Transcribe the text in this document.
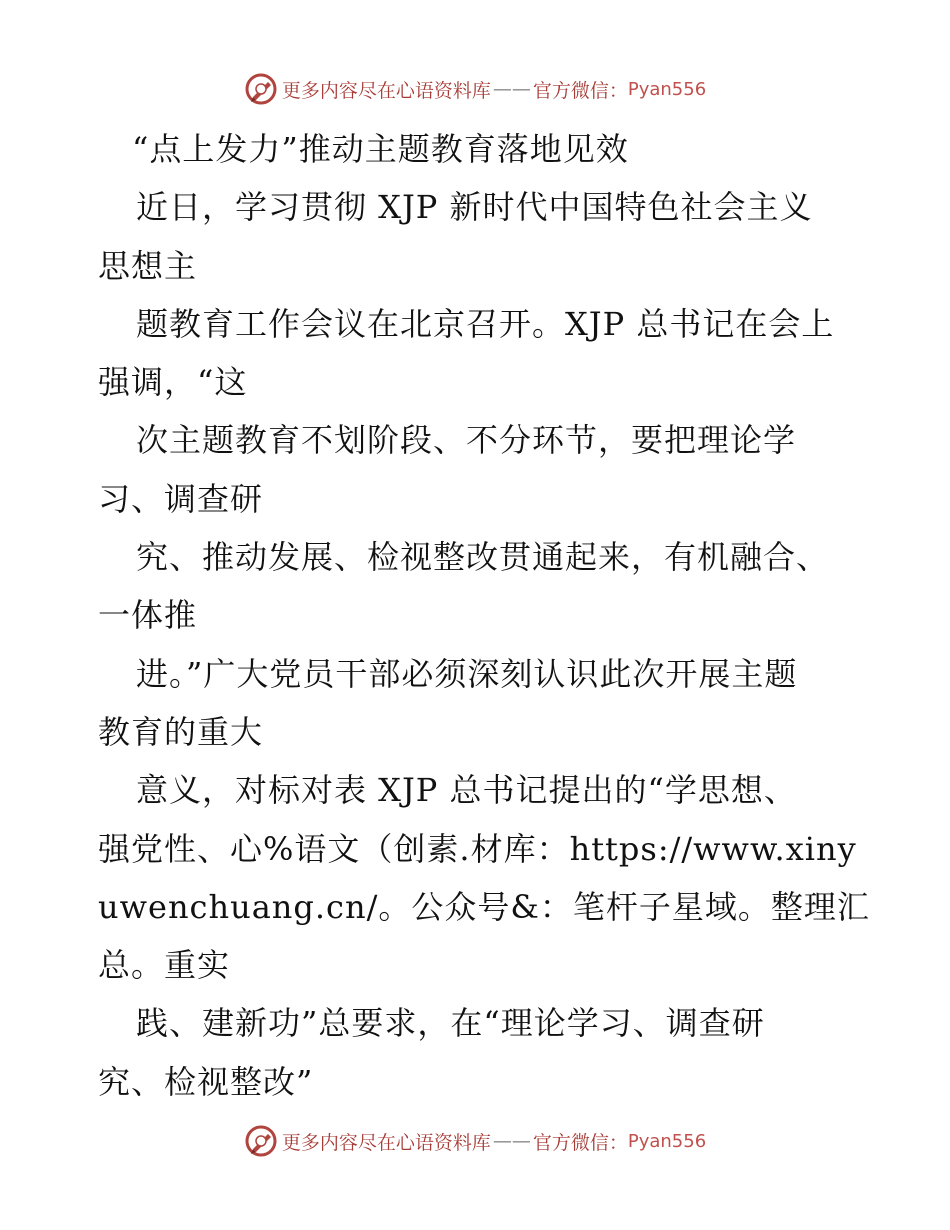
更多内容尽在心语资料库 —— 官方微信： Pyan556
“点上发力”推动主题教育落地见效
近日，学习贯彻 XJP 新时代中国特色社会主义
思想主
题教育工作会议在北京召开。XJP 总书记在会上
强调，“这
次主题教育不划阶段、不分环节，要把理论学
习、调查研
究、推动发展、检视整改贯通起来，有机融合、
一体推
进。”广大党员干部必须深刻认识此次开展主题
教育的重大
意义，对标对表 XJP 总书记提出的“学思想、
强党性、心%语文（创素.材库：https://www.xiny
uwenchuang.cn/。公众号&：笔杆子星域。整理汇
总。重实
践、建新功”总要求，在“理论学习、调查研
究、检视整改”
更多内容尽在心语资料库 —— 官方微信： Pyan556
